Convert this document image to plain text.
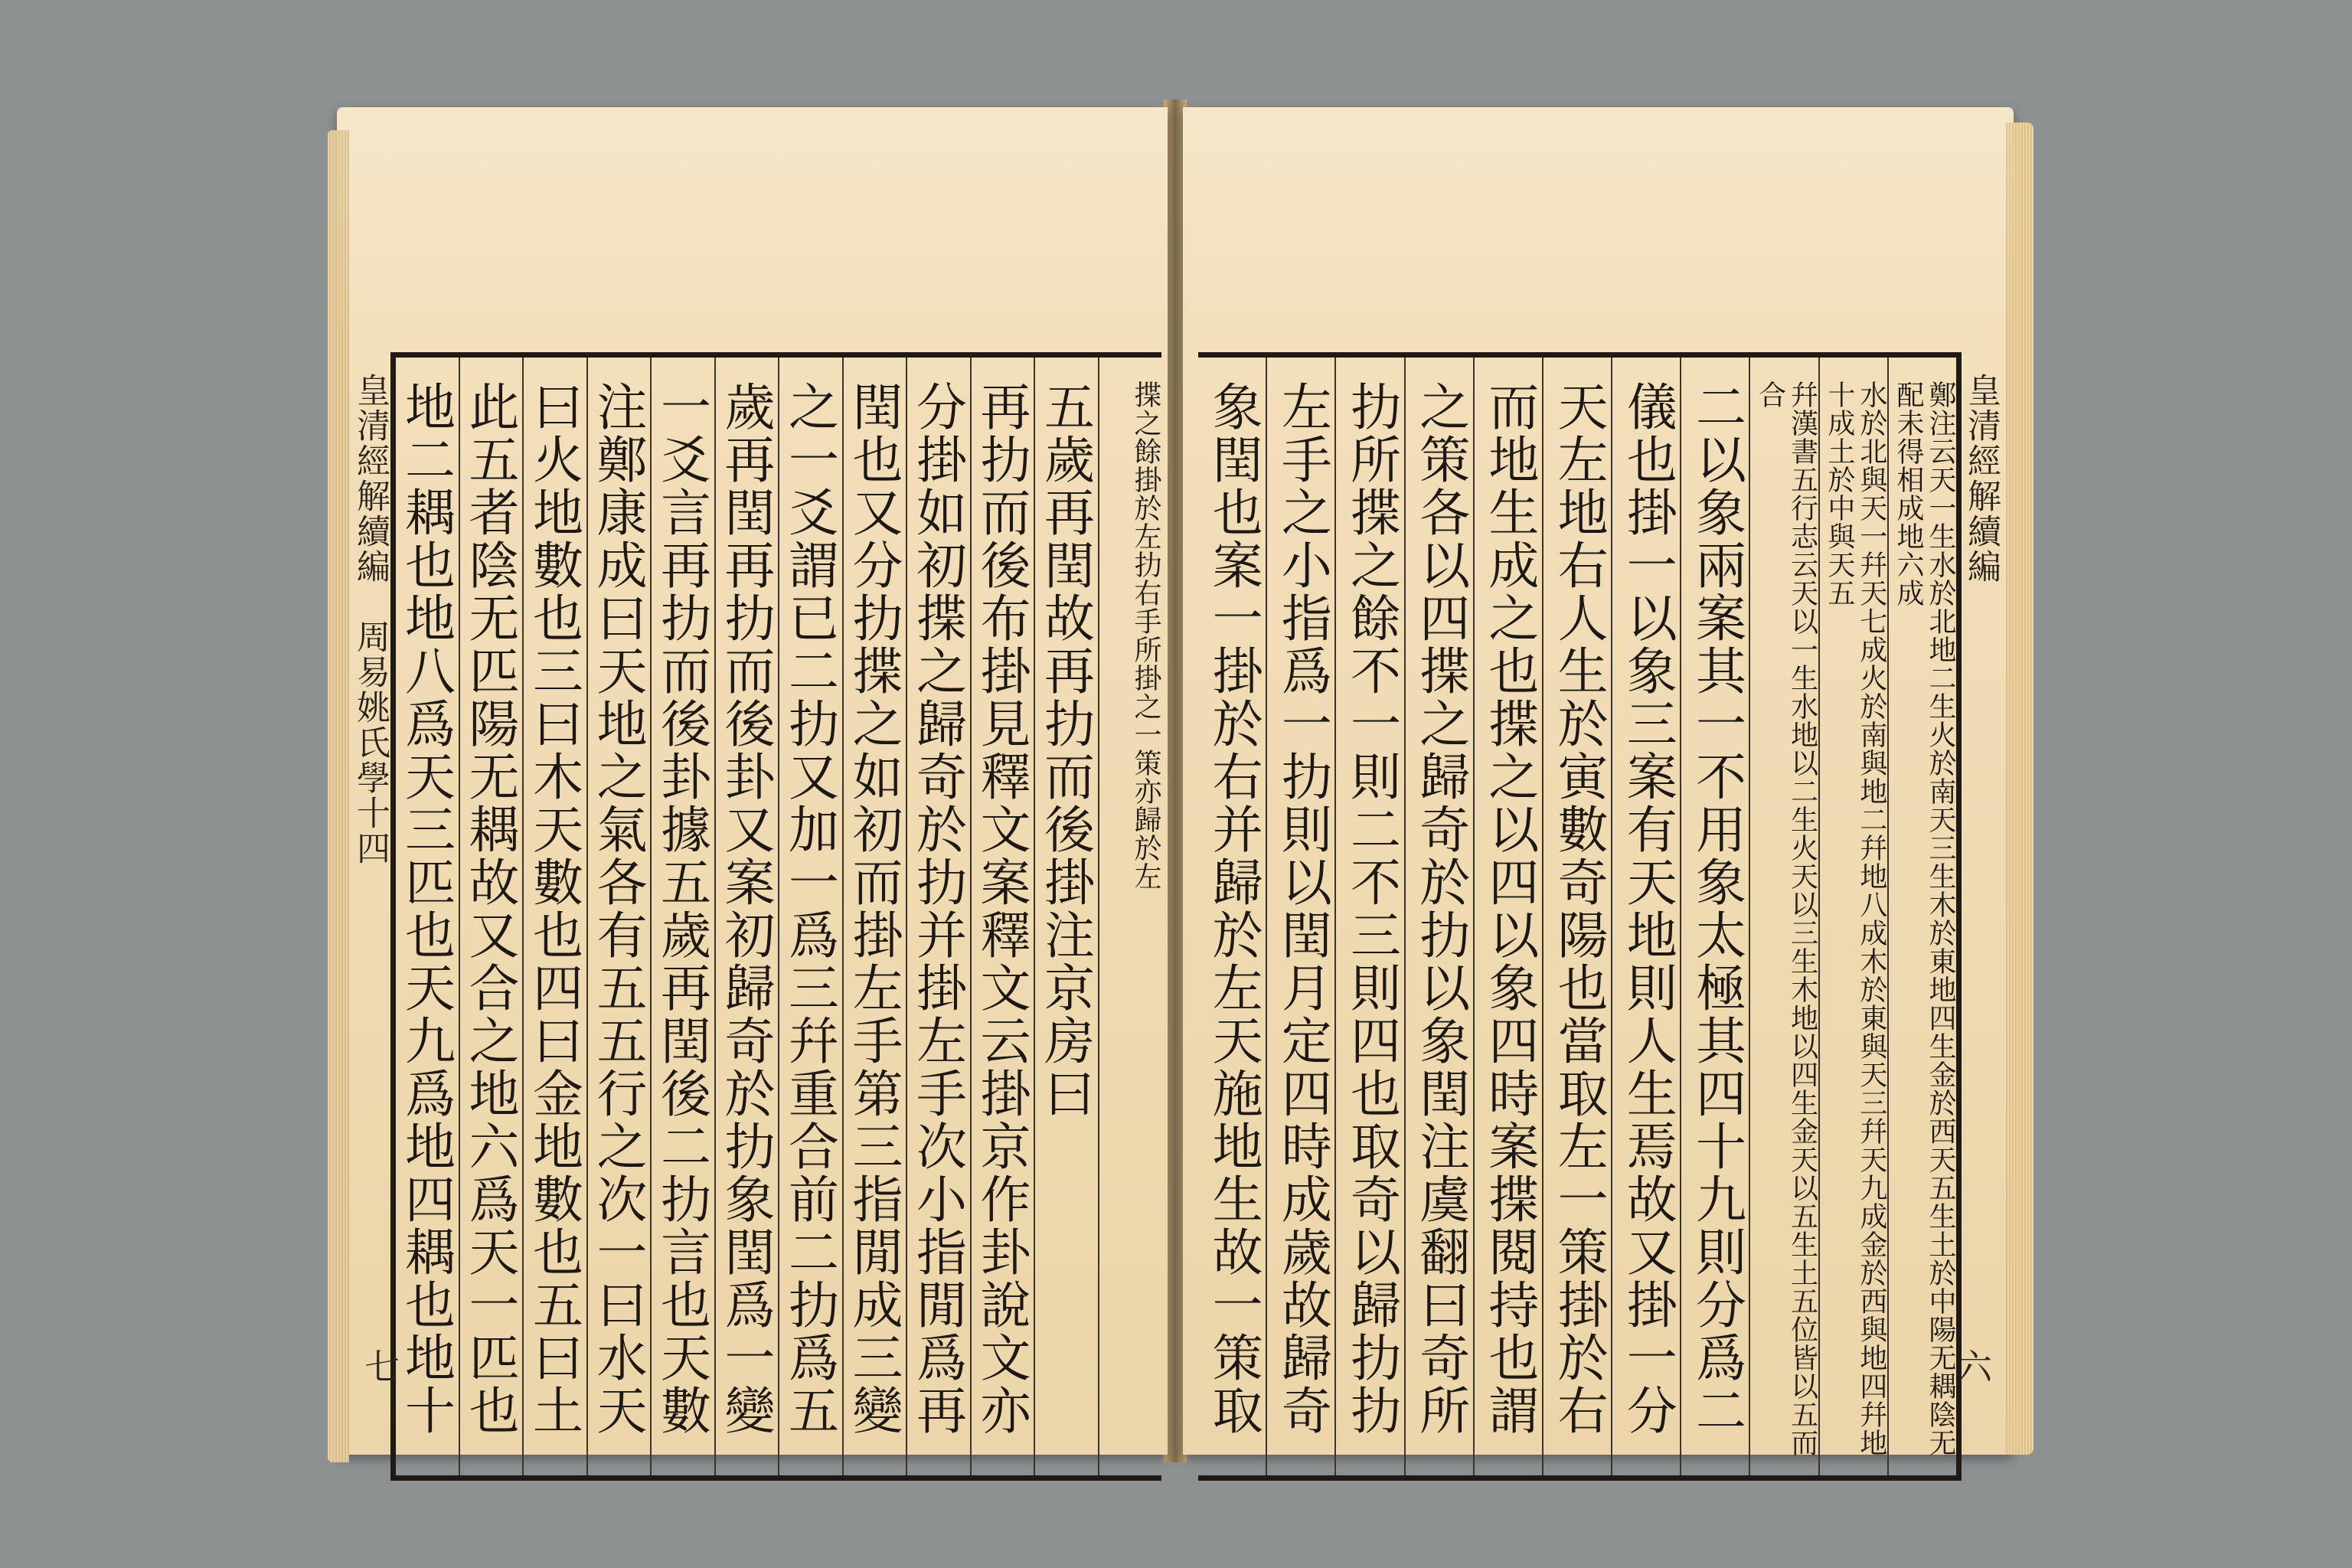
皇清經解續編　周易姚氏學十四
七
揲之餘掛於左扐右手所掛之一策亦歸於左
五歲再閏故再扐而後掛注京房曰
再扐而後布掛見釋文案釋文云掛京作卦說文亦
分掛如初揲之歸奇於扐并掛左手次小指閒爲再
閏也又分扐揲之如初而掛左手第三指閒成三變
之一爻謂已二扐又加一爲三幷重合前二扐爲五
歲再閏再扐而後卦又案初歸奇於扐象閏爲一變
一爻言再扐而後卦據五歲再閏後二扐言也天數
注鄭康成曰天地之氣各有五五行之次一曰水天
曰火地數也三曰木天數也四曰金地數也五曰土
此五者陰无匹陽无耦故又合之地六爲天一匹也
地二耦也地八爲天三匹也天九爲地四耦也地十
皇清經解續編
六
鄭注云天一生水於北地二生火於南天三生木於東地四生金於西天五生土於中陽无耦陰无配未得相成地六成
水於北與天一幷天七成火於南與地二幷地八成木於東與天三幷天九成金於西與地四幷地十成土於中與天五
幷漢書五行志云天以一生水地以二生火天以三生木地以四生金天以五生土五位皆以五而合
二以象兩案其一不用象太極其四十九則分爲二
儀也掛一以象三案有天地則人生焉故又掛一分
天左地右人生於寅數奇陽也當取左一策掛於右
而地生成之也揲之以四以象四時案揲閱持也謂
之策各以四揲之歸奇於扐以象閏注虞翻曰奇所
扐所揲之餘不一則二不三則四也取奇以歸扐扐
左手之小指爲一扐則以閏月定四時成歲故歸奇
象閏也案一掛於右并歸於左天施地生故一策取
